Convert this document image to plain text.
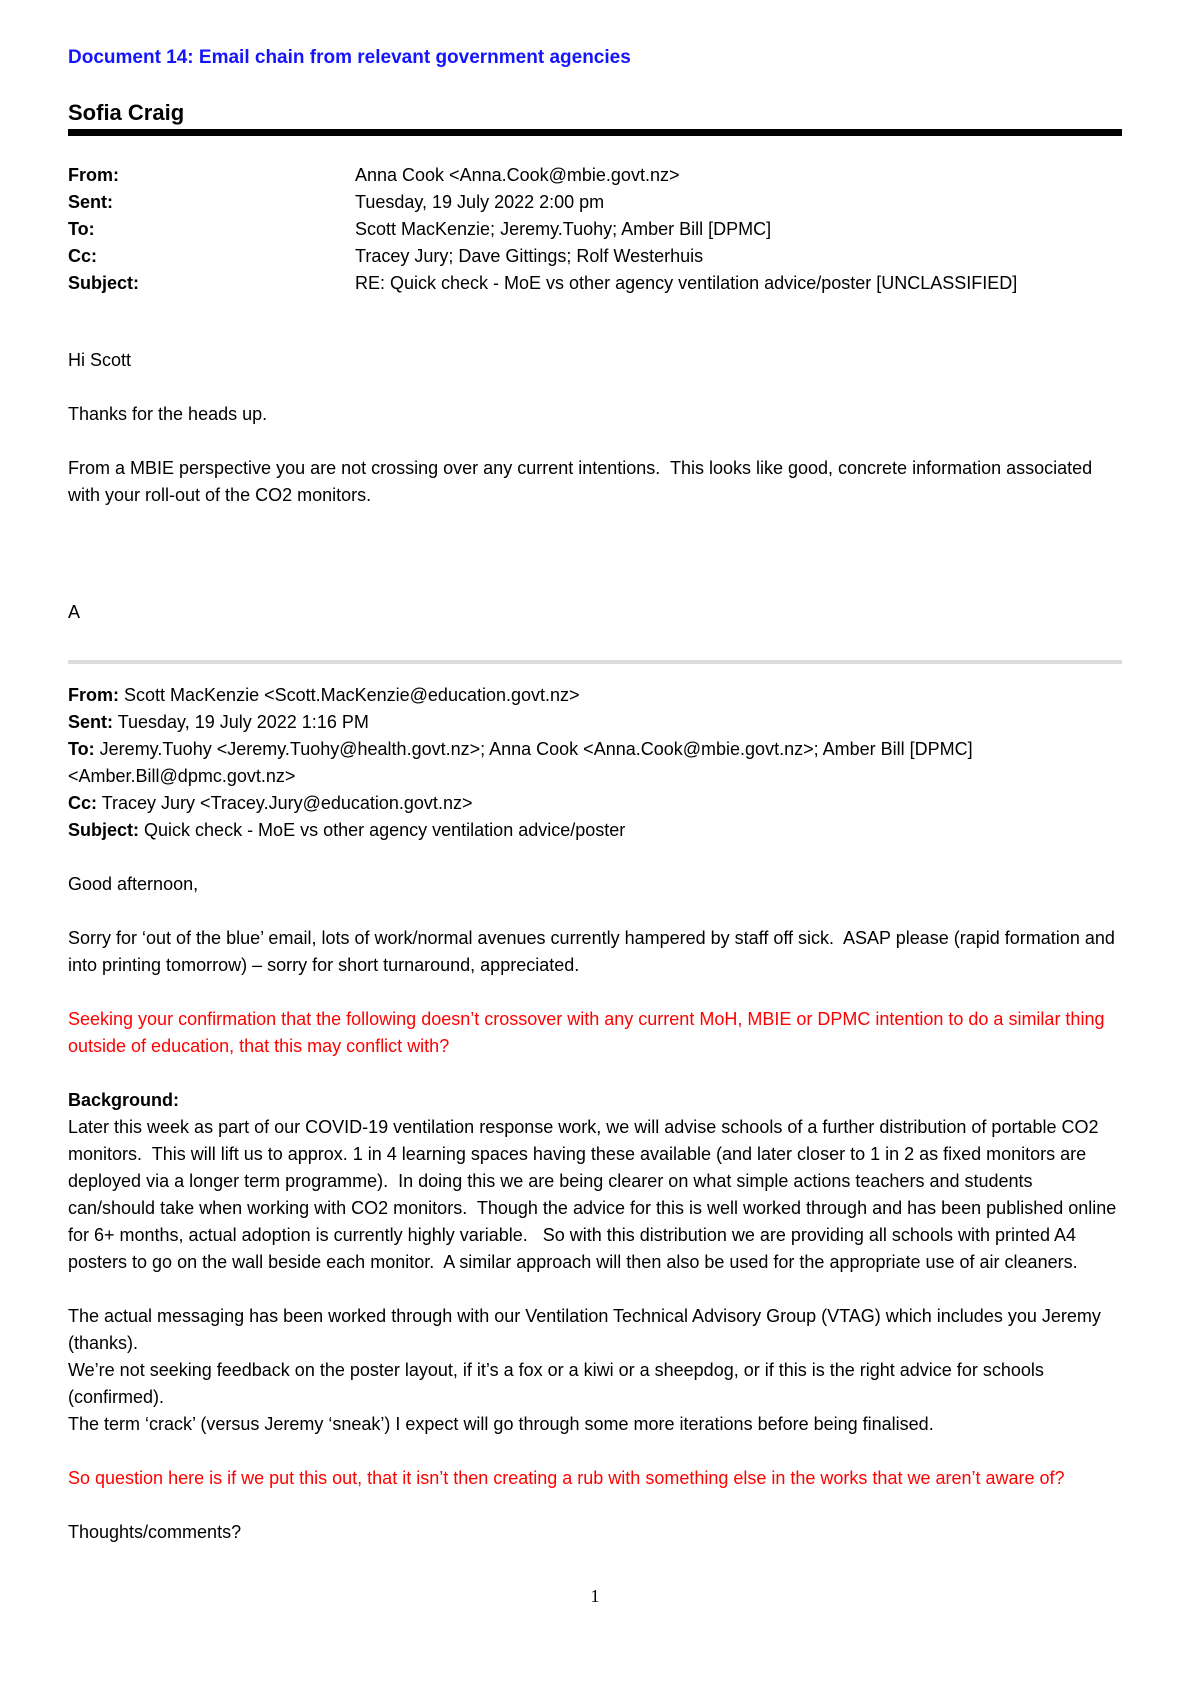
Document 14: Email chain from relevant government agencies
Sofia Craig
From:	Anna Cook <Anna.Cook@mbie.govt.nz>
Sent:	Tuesday, 19 July 2022 2:00 pm
To:	Scott MacKenzie; Jeremy.Tuohy; Amber Bill [DPMC]
Cc:	Tracey Jury; Dave Gittings; Rolf Westerhuis
Subject:	RE: Quick check - MoE vs other agency ventilation advice/poster [UNCLASSIFIED]
Hi Scott
Thanks for the heads up.
From a MBIE perspective you are not crossing over any current intentions.  This looks like good, concrete information associated with your roll-out of the CO2 monitors.
A
From: Scott MacKenzie <Scott.MacKenzie@education.govt.nz>
Sent: Tuesday, 19 July 2022 1:16 PM
To: Jeremy.Tuohy <Jeremy.Tuohy@health.govt.nz>; Anna Cook <Anna.Cook@mbie.govt.nz>; Amber Bill [DPMC] <Amber.Bill@dpmc.govt.nz>
Cc: Tracey Jury <Tracey.Jury@education.govt.nz>
Subject: Quick check - MoE vs other agency ventilation advice/poster
Good afternoon,
Sorry for ‘out of the blue’ email, lots of work/normal avenues currently hampered by staff off sick.  ASAP please (rapid formation and into printing tomorrow) – sorry for short turnaround, appreciated.
Seeking your confirmation that the following doesn’t crossover with any current MoH, MBIE or DPMC intention to do a similar thing outside of education, that this may conflict with?
Background:
Later this week as part of our COVID-19 ventilation response work, we will advise schools of a further distribution of portable CO2 monitors.  This will lift us to approx. 1 in 4 learning spaces having these available (and later closer to 1 in 2 as fixed monitors are deployed via a longer term programme).  In doing this we are being clearer on what simple actions teachers and students can/should take when working with CO2 monitors.  Though the advice for this is well worked through and has been published online for 6+ months, actual adoption is currently highly variable.   So with this distribution we are providing all schools with printed A4 posters to go on the wall beside each monitor.  A similar approach will then also be used for the appropriate use of air cleaners.
The actual messaging has been worked through with our Ventilation Technical Advisory Group (VTAG) which includes you Jeremy (thanks).
We’re not seeking feedback on the poster layout, if it’s a fox or a kiwi or a sheepdog, or if this is the right advice for schools (confirmed).
The term ‘crack’ (versus Jeremy ‘sneak’) I expect will go through some more iterations before being finalised.
So question here is if we put this out, that it isn’t then creating a rub with something else in the works that we aren’t aware of?
Thoughts/comments?
1
